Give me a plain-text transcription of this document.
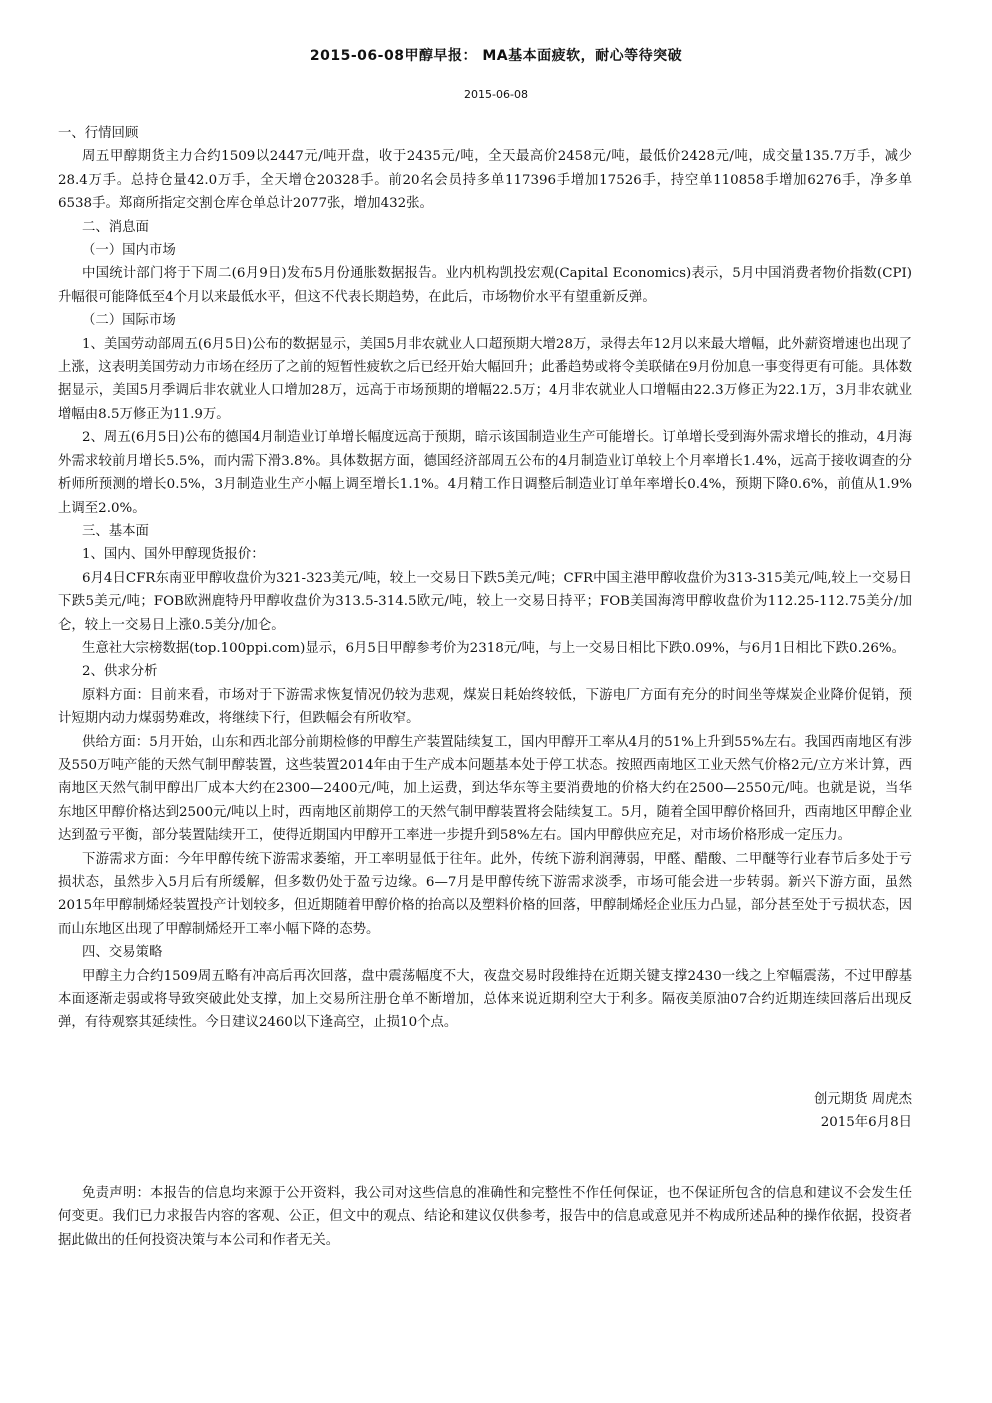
2015-06-08甲醇早报： MA基本面疲软，耐心等待突破
2015-06-08

一、行情回顾

周五甲醇期货主力合约1509以2447元/吨开盘，收于2435元/吨，全天最高价2458元/吨，最低价2428元/吨，成交量135.7万手，减少28.4万手。总持仓量42.0万手，全天增仓20328手。前20名会员持多单117396手增加17526手，持空单110858手增加6276手，净多单6538手。郑商所指定交割仓库仓单总计2077张，增加432张。

二、消息面

（一）国内市场

中国统计部门将于下周二(6月9日)发布5月份通胀数据报告。业内机构凯投宏观(Capital Economics)表示，5月中国消费者物价指数(CPI)升幅很可能降低至4个月以来最低水平，但这不代表长期趋势，在此后，市场物价水平有望重新反弹。

（二）国际市场

1、美国劳动部周五(6月5日)公布的数据显示，美国5月非农就业人口超预期大增28万，录得去年12月以来最大增幅，此外薪资增速也出现了上涨，这表明美国劳动力市场在经历了之前的短暂性疲软之后已经开始大幅回升；此番趋势或将令美联储在9月份加息一事变得更有可能。具体数据显示，美国5月季调后非农就业人口增加28万，远高于市场预期的增幅22.5万；4月非农就业人口增幅由22.3万修正为22.1万，3月非农就业增幅由8.5万修正为11.9万。

2、周五(6月5日)公布的德国4月制造业订单增长幅度远高于预期，暗示该国制造业生产可能增长。订单增长受到海外需求增长的推动，4月海外需求较前月增长5.5%，而内需下滑3.8%。具体数据方面，德国经济部周五公布的4月制造业订单较上个月率增长1.4%，远高于接收调查的分析师所预测的增长0.5%，3月制造业生产小幅上调至增长1.1%。4月精工作日调整后制造业订单年率增长0.4%，预期下降0.6%，前值从1.9%上调至2.0%。

三、基本面

1、国内、国外甲醇现货报价：

6月4日CFR东南亚甲醇收盘价为321-323美元/吨，较上一交易日下跌5美元/吨；CFR中国主港甲醇收盘价为313-315美元/吨,较上一交易日下跌5美元/吨；FOB欧洲鹿特丹甲醇收盘价为313.5-314.5欧元/吨，较上一交易日持平；FOB美国海湾甲醇收盘价为112.25-112.75美分/加仑，较上一交易日上涨0.5美分/加仑。

生意社大宗榜数据(top.100ppi.com)显示，6月5日甲醇参考价为2318元/吨，与上一交易日相比下跌0.09%，与6月1日相比下跌0.26%。

2、供求分析

原料方面：目前来看，市场对于下游需求恢复情况仍较为悲观，煤炭日耗始终较低，下游电厂方面有充分的时间坐等煤炭企业降价促销，预计短期内动力煤弱势难改，将继续下行，但跌幅会有所收窄。

供给方面：5月开始，山东和西北部分前期检修的甲醇生产装置陆续复工，国内甲醇开工率从4月的51%上升到55%左右。我国西南地区有涉及550万吨产能的天然气制甲醇装置，这些装置2014年由于生产成本问题基本处于停工状态。按照西南地区工业天然气价格2元/立方米计算，西南地区天然气制甲醇出厂成本大约在2300—2400元/吨，加上运费，到达华东等主要消费地的价格大约在2500—2550元/吨。也就是说，当华东地区甲醇价格达到2500元/吨以上时，西南地区前期停工的天然气制甲醇装置将会陆续复工。5月，随着全国甲醇价格回升，西南地区甲醇企业达到盈亏平衡，部分装置陆续开工，使得近期国内甲醇开工率进一步提升到58%左右。国内甲醇供应充足，对市场价格形成一定压力。

下游需求方面：今年甲醇传统下游需求萎缩，开工率明显低于往年。此外，传统下游利润薄弱，甲醛、醋酸、二甲醚等行业春节后多处于亏损状态，虽然步入5月后有所缓解，但多数仍处于盈亏边缘。6—7月是甲醇传统下游需求淡季，市场可能会进一步转弱。新兴下游方面，虽然2015年甲醇制烯烃装置投产计划较多，但近期随着甲醇价格的抬高以及塑料价格的回落，甲醇制烯烃企业压力凸显，部分甚至处于亏损状态，因而山东地区出现了甲醇制烯烃开工率小幅下降的态势。

四、交易策略

甲醇主力合约1509周五略有冲高后再次回落，盘中震荡幅度不大，夜盘交易时段维持在近期关键支撑2430一线之上窄幅震荡，不过甲醇基本面逐渐走弱或将导致突破此处支撑，加上交易所注册仓单不断增加，总体来说近期利空大于利多。隔夜美原油07合约近期连续回落后出现反弹，有待观察其延续性。今日建议2460以下逢高空，止损10个点。

创元期货 周虎杰
2015年6月8日
免责声明：本报告的信息均来源于公开资料，我公司对这些信息的准确性和完整性不作任何保证，也不保证所包含的信息和建议不会发生任何变更。我们已力求报告内容的客观、公正，但文中的观点、结论和建议仅供参考，报告中的信息或意见并不构成所述品种的操作依据，投资者据此做出的任何投资决策与本公司和作者无关。
